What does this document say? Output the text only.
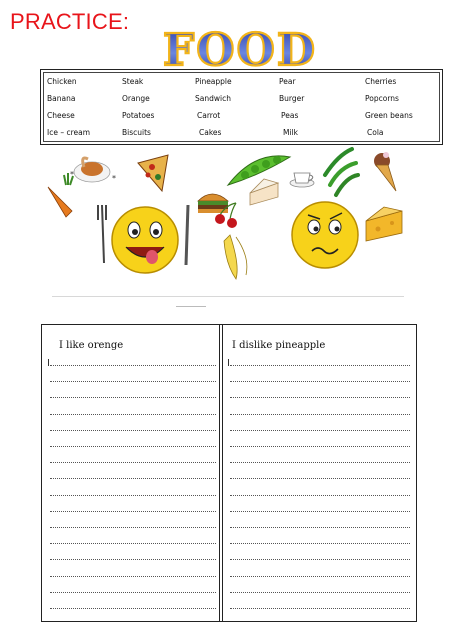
PRACTICE:
FOOD
Chicken	Steak	Pineapple	Pear	Cherries
Banana	Orange	Sandwich	Burger	Popcorns
Cheese	Potatoes	Carrot	Peas	Green beans
Ice – cream	Biscuits	Cakes	Milk	Cola
*	*
I like orenge	I dislike pineapple
